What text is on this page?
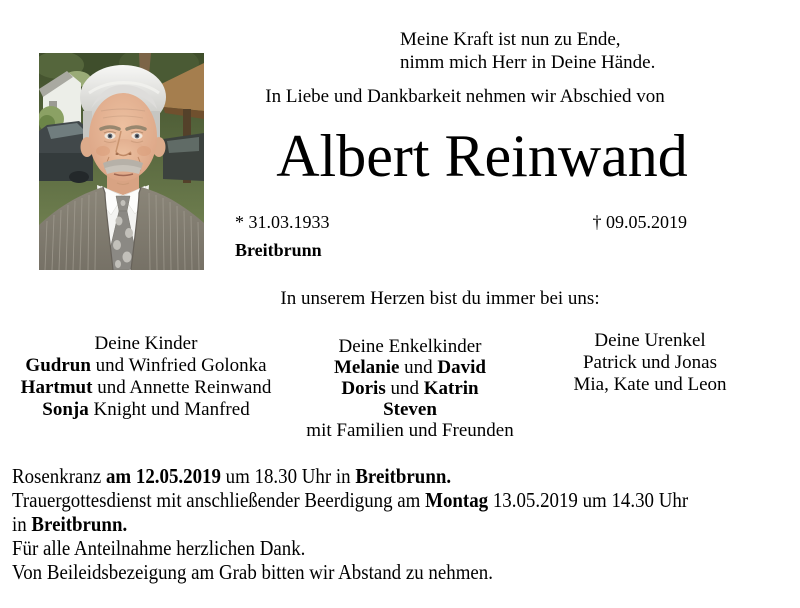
Meine Kraft ist nun zu Ende,
nimm mich Herr in Deine Hände.
In Liebe und Dankbarkeit nehmen wir Abschied von
Albert Reinwand
* 31.03.1933	† 09.05.2019
Breitbrunn
In unserem Herzen bist du immer bei uns:
Deine Kinder
Gudrun und Winfried Golonka
Hartmut und Annette Reinwand
Sonja Knight und Manfred
Deine Enkelkinder
Melanie und David
Doris und Katrin
Steven
mit Familien und Freunden
Deine Urenkel
Patrick und Jonas
Mia, Kate und Leon
Rosenkranz am 12.05.2019 um 18.30 Uhr in Breitbrunn.
Trauergottesdienst mit anschließender Beerdigung am Montag 13.05.2019 um 14.30 Uhr
in Breitbrunn.
Für alle Anteilnahme herzlichen Dank.
Von Beileidsbezeigung am Grab bitten wir Abstand zu nehmen.
